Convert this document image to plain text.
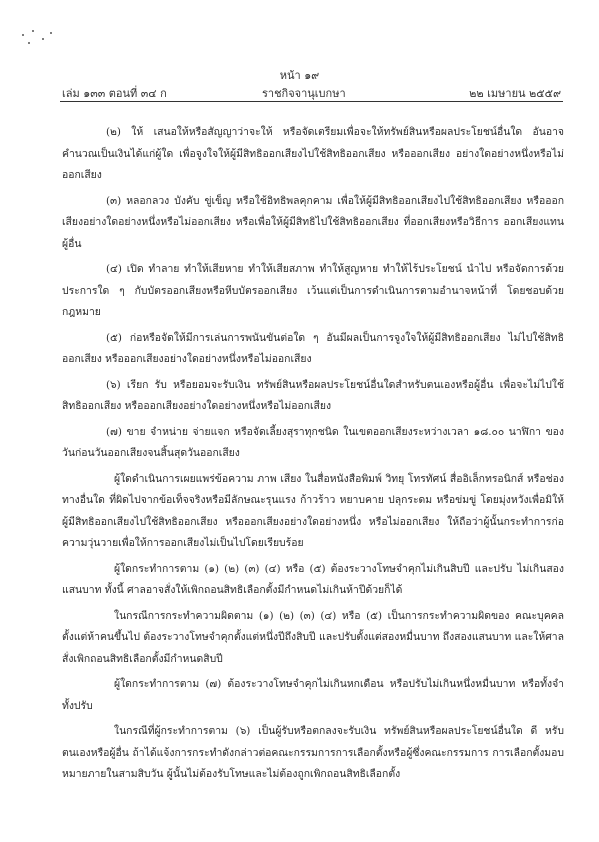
หน้า ๑๙
เล่ม ๑๓๓ ตอนที่ ๓๔ ก	ราชกิจจานุเบกษา	๒๒ เมษายน ๒๕๕๙

(๒) ให้ เสนอให้หรือสัญญาว่าจะให้ หรือจัดเตรียมเพื่อจะให้ทรัพย์สินหรือผลประโยชน์อื่นใด อันอาจคำนวณเป็นเงินได้แก่ผู้ใด เพื่อจูงใจให้ผู้มีสิทธิออกเสียงไปใช้สิทธิออกเสียง หรือออกเสียง อย่างใดอย่างหนึ่งหรือไม่ออกเสียง

(๓) หลอกลวง บังคับ ขู่เข็ญ หรือใช้อิทธิพลคุกคาม เพื่อให้ผู้มีสิทธิออกเสียงไปใช้สิทธิออกเสียง หรือออกเสียงอย่างใดอย่างหนึ่งหรือไม่ออกเสียง หรือเพื่อให้ผู้มีสิทธิไปใช้สิทธิออกเสียง ที่ออกเสียงหรือวิธีการ ออกเสียงแทนผู้อื่น

(๔) เปิด ทำลาย ทำให้เสียหาย ทำให้เสียสภาพ ทำให้สูญหาย ทำให้ไร้ประโยชน์ นำไป หรือจัดการด้วยประการใด ๆ กับบัตรออกเสียงหรือหีบบัตรออกเสียง เว้นแต่เป็นการดำเนินการตามอำนาจหน้าที่ โดยชอบด้วยกฎหมาย

(๕) ก่อหรือจัดให้มีการเล่นการพนันขันต่อใด ๆ อันมีผลเป็นการจูงใจให้ผู้มีสิทธิออกเสียง ไม่ไปใช้สิทธิออกเสียง หรือออกเสียงอย่างใดอย่างหนึ่งหรือไม่ออกเสียง

(๖) เรียก รับ หรือยอมจะรับเงิน ทรัพย์สินหรือผลประโยชน์อื่นใดสำหรับตนเองหรือผู้อื่น เพื่อจะไม่ไปใช้สิทธิออกเสียง หรือออกเสียงอย่างใดอย่างหนึ่งหรือไม่ออกเสียง

(๗) ขาย จำหน่าย จ่ายแจก หรือจัดเลี้ยงสุราทุกชนิด ในเขตออกเสียงระหว่างเวลา ๑๘.๐๐ นาฬิกา ของวันก่อนวันออกเสียงจนสิ้นสุดวันออกเสียง

ผู้ใดดำเนินการเผยแพร่ข้อความ ภาพ เสียง ในสื่อหนังสือพิมพ์ วิทยุ โทรทัศน์ สื่ออิเล็กทรอนิกส์ หรือช่องทางอื่นใด ที่ผิดไปจากข้อเท็จจริงหรือมีลักษณะรุนแรง ก้าวร้าว หยาบคาย ปลุกระดม หรือข่มขู่ โดยมุ่งหวังเพื่อมิให้ผู้มีสิทธิออกเสียงไปใช้สิทธิออกเสียง หรือออกเสียงอย่างใดอย่างหนึ่ง หรือไม่ออกเสียง ให้ถือว่าผู้นั้นกระทำการก่อความวุ่นวายเพื่อให้การออกเสียงไม่เป็นไปโดยเรียบร้อย

ผู้ใดกระทำการตาม (๑) (๒) (๓) (๔) หรือ (๕) ต้องระวางโทษจำคุกไม่เกินสิบปี และปรับ ไม่เกินสองแสนบาท ทั้งนี้ ศาลอาจสั่งให้เพิกถอนสิทธิเลือกตั้งมีกำหนดไม่เกินห้าปีด้วยก็ได้

ในกรณีการกระทำความผิดตาม (๑) (๒) (๓) (๔) หรือ (๕) เป็นการกระทำความผิดของ คณะบุคคลตั้งแต่ห้าคนขึ้นไป ต้องระวางโทษจำคุกตั้งแต่หนึ่งปีถึงสิบปี และปรับตั้งแต่สองหมื่นบาท ถึงสองแสนบาท และให้ศาลสั่งเพิกถอนสิทธิเลือกตั้งมีกำหนดสิบปี

ผู้ใดกระทำการตาม (๗) ต้องระวางโทษจำคุกไม่เกินหกเดือน หรือปรับไม่เกินหนึ่งหมื่นบาท หรือทั้งจำทั้งปรับ

ในกรณีที่ผู้กระทำการตาม (๖) เป็นผู้รับหรือตกลงจะรับเงิน ทรัพย์สินหรือผลประโยชน์อื่นใด ดี หรับตนเองหรือผู้อื่น ถ้าได้แจ้งการกระทำดังกล่าวต่อคณะกรรมการการเลือกตั้งหรือผู้ซึ่งคณะกรรมการ การเลือกตั้งมอบหมายภายในสามสิบวัน ผู้นั้นไม่ต้องรับโทษและไม่ต้องถูกเพิกถอนสิทธิเลือกตั้ง
